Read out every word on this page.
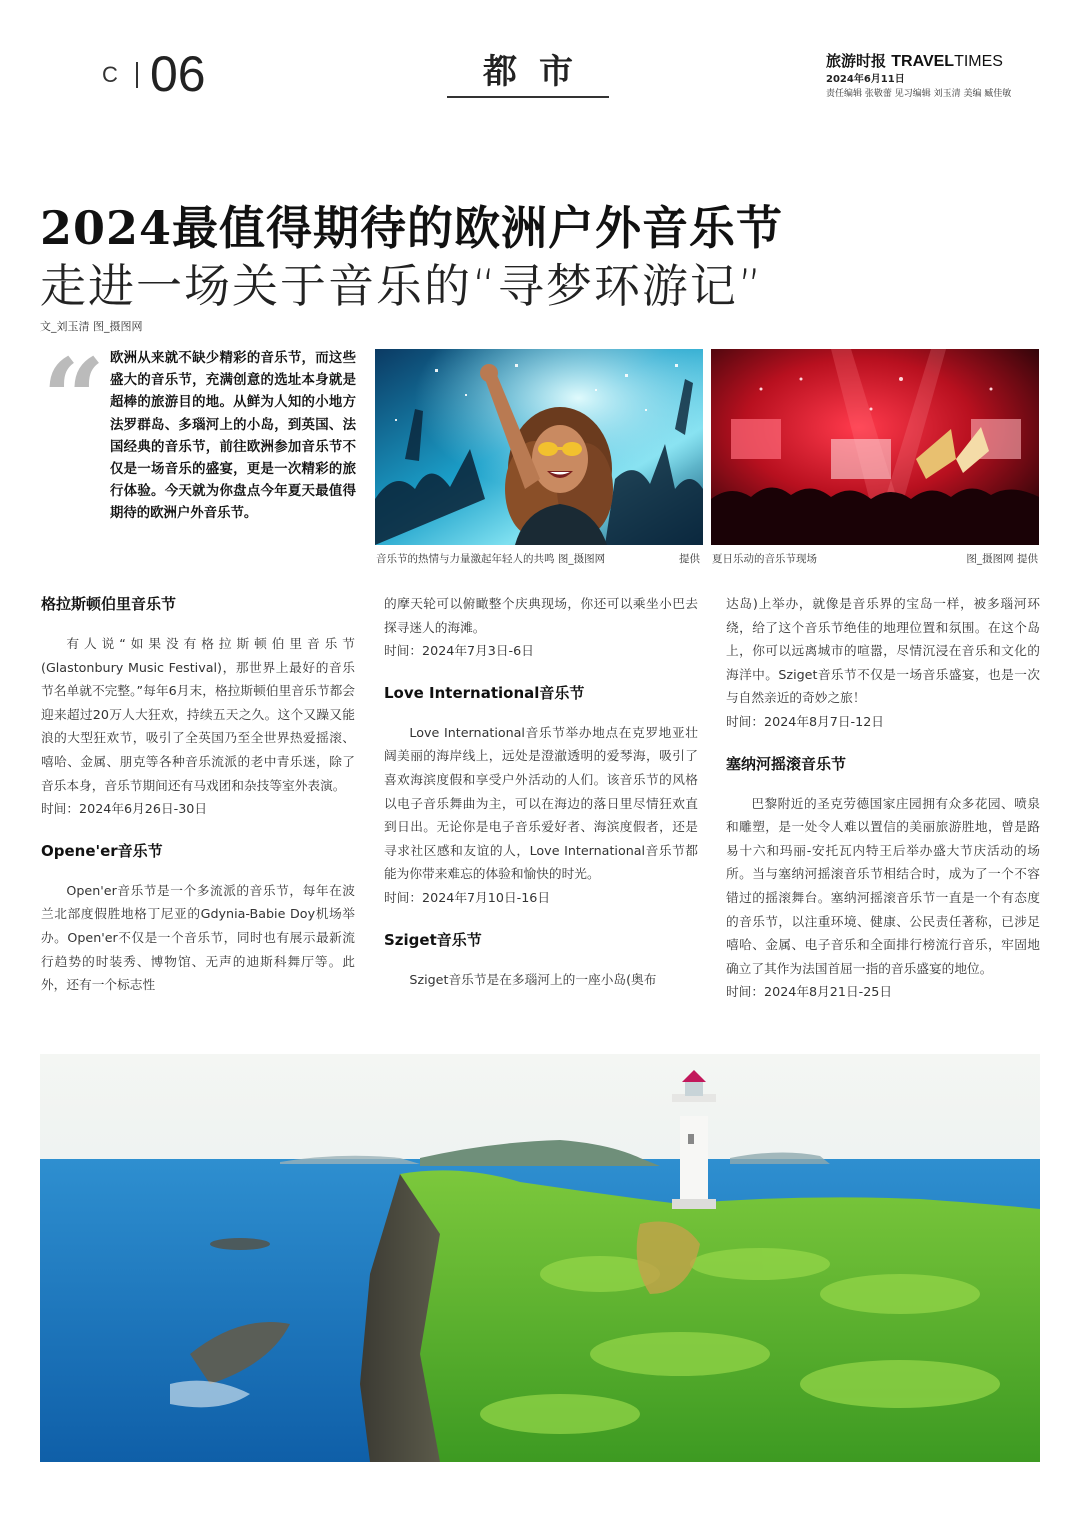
C 06	都市	旅游时报 TRAVELTIMES
2024年6月11日
责任编辑 张敬蕾 见习编辑 刘玉清 美编 臧佳敏
2024最值得期待的欧洲户外音乐节
走进一场关于音乐的“寻梦环游记”
文_刘玉清 图_摄图网
“ 欧洲从来就不缺少精彩的音乐节，而这些盛大的音乐节，充满创意的选址本身就是超棒的旅游目的地。从鲜为人知的小地方法罗群岛、多瑙河上的小岛，到英国、法国经典的音乐节，前往欧洲参加音乐节不仅是一场音乐的盛宴，更是一次精彩的旅行体验。今天就为你盘点今年夏天最值得期待的欧洲户外音乐节。
音乐节的热情与力量激起年轻人的共鸣 图_摄图网	提供 夏日乐动的音乐节现场	图_摄图网 提供
格拉斯顿伯里音乐节

有人说“如果没有格拉斯顿伯里音乐节(Glastonbury Music Festival)，那世界上最好的音乐节名单就不完整。”每年6月末，格拉斯顿伯里音乐节都会迎来超过20万人大狂欢，持续五天之久。这个又躁又能浪的大型狂欢节，吸引了全英国乃至全世界热爱摇滚、嘻哈、金属、朋克等各种音乐流派的老中青乐迷，除了音乐本身，音乐节期间还有马戏团和杂技等室外表演。

时间：2024年6月26日-30日

Opene'er音乐节

Open'er音乐节是一个多流派的音乐节，每年在波兰北部度假胜地格丁尼亚的Gdynia-Babie Doy机场举办。Open'er不仅是一个音乐节，同时也有展示最新流行趋势的时装秀、博物馆、无声的迪斯科舞厅等。此外，还有一个标志性

的摩天轮可以俯瞰整个庆典现场，你还可以乘坐小巴去探寻迷人的海滩。

时间：2024年7月3日-6日

Love International音乐节

Love International音乐节举办地点在克罗地亚壮阔美丽的海岸线上，远处是澄澈透明的爱琴海，吸引了喜欢海滨度假和享受户外活动的人们。该音乐节的风格以电子音乐舞曲为主，可以在海边的落日里尽情狂欢直到日出。无论你是电子音乐爱好者、海滨度假者，还是寻求社区感和友谊的人，Love International音乐节都能为你带来难忘的体验和愉快的时光。

时间：2024年7月10日-16日

Sziget音乐节

Sziget音乐节是在多瑙河上的一座小岛(奥布

达岛)上举办，就像是音乐界的宝岛一样，被多瑙河环绕，给了这个音乐节绝佳的地理位置和氛围。在这个岛上，你可以远离城市的喧嚣，尽情沉浸在音乐和文化的海洋中。Sziget音乐节不仅是一场音乐盛宴，也是一次与自然亲近的奇妙之旅！

时间：2024年8月7日-12日

塞纳河摇滚音乐节

巴黎附近的圣克劳德国家庄园拥有众多花园、喷泉和雕塑，是一处令人难以置信的美丽旅游胜地，曾是路易十六和玛丽-安托瓦内特王后举办盛大节庆活动的场所。当与塞纳河摇滚音乐节相结合时，成为了一个不容错过的摇滚舞台。塞纳河摇滚音乐节一直是一个有态度的音乐节，以注重环境、健康、公民责任著称，已涉足嘻哈、金属、电子音乐和全面排行榜流行音乐，牢固地确立了其作为法国首屈一指的音乐盛宴的地位。

时间：2024年8月21日-25日
